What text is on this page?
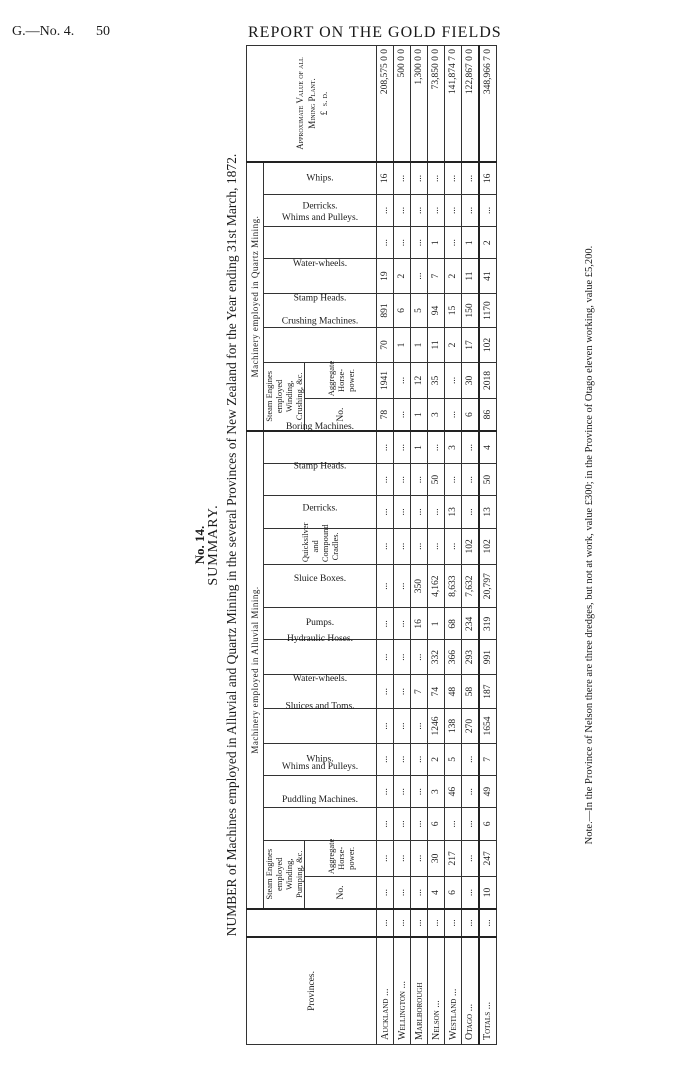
G.—No. 4. 50	REPORT ON THE GOLD FIELDS
No. 14. SUMMARY. NUMBER of Machines employed in Alluvial and Quartz Mining in the several Provinces of New Zealand for the Year ending 31st March, 1872.
Provinces.		Machinery employed in Alluvial Mining.														Machinery employed in Quartz Mining.								Approximate Value of all Mining Plant. £  s. d.
		Steam Engines employed Winding, Pumping, &c.		Puddling Machines.	Whims and Pulleys.	Whips.	Sluices and Toms.	Water-wheels.	Hydraulic Hoses.	Pumps.	Sluice Boxes.	Quicksilver and Compound Cradles.	Derricks.	Stamp Heads.	Boring Machines.	Steam Engines employed Winding, Crushing, &c.		Crushing Machines.	Stamp Heads.	Water-wheels.	Whims and Pulleys.	Derricks.	Whips.	
		No.	Aggregate Horse-power.													No.	Aggregate Horse-power.							
Auckland ...	...	...	...	...	...	...	...	...	...	...	...	...	...	...	...	78	1941	70	891	19	...	...	16	208,575 0 0
Wellington ...	...	...	...	...	...	...	...	...	...	...	...	...	...	...	...	...	...	1	6	2	...	...	...	500 0 0
Marlborough	...	...	...	...	...	...	...	7	...	16	350	...	...	...	1	1	12	1	5	...	...	...	...	1,300 0 0
Nelson ...	...	4	30	6	3	2	1246	74	332	1	4,162	...	...	50	...	3	35	11	94	7	1	...	...	73,850 0 0
Westland ...	...	6	217	...	46	5	138	48	366	68	8,633	...	13	...	3	...	...	2	15	2	...	...	...	141,874 7 0
Otago ...	...	...	...	...	...	...	270	58	293	234	7,632	102	...	...	...	6	30	17	150	11	1	...	...	122,867 0 0
Totals ...	...	10	247	6	49	7	1654	187	991	319	20,797	102	13	50	4	86	2018	102	1170	41	2	...	16	348,966 7 0
Note.—In the Province of Nelson there are three dredges, but not at work, value £300; in the Province of Otago eleven working, value £5,200.
